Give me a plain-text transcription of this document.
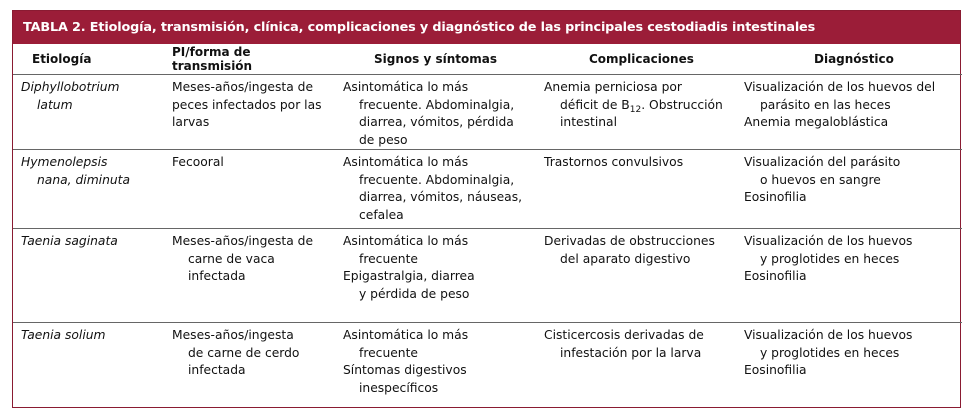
TABLA 2. Etiología, transmisión, clínica, complicaciones y diagnóstico de las principales cestodiadis intestinales
Etiología	PI/forma de transmisión	Signos y síntomas	Complicaciones	Diagnóstico

Diphyllobotrium
latum	Meses-años/ingesta de
peces infectados por las
larvas	Asintomática lo más
frecuente. Abdominalgia,
diarrea, vómitos, pérdida
de peso	Anemia perniciosa por
déficit de $B_{12}$. Obstrucción
intestinal	Visualización de los huevos del
parásito en las heces
Anemia megaloblástica

Hymenolepsis
nana, diminuta	Fecooral	Asintomática lo más
frecuente. Abdominalgia,
diarrea, vómitos, náuseas,
cefalea	Trastornos convulsivos	Visualización del parásito
o huevos en sangre
Eosinofilia

Taenia saginata	Meses-años/ingesta de
carne de vaca infectada	Asintomática lo más
frecuente
Epigastralgia, diarrea
y pérdida de peso	Derivadas de obstrucciones
del aparato digestivo	Visualización de los huevos
y proglotides en heces
Eosinofilia

Taenia solium	Meses-años/ingesta
de carne de cerdo
infectada	Asintomática lo más
frecuente
Síntomas digestivos
inespecíficos	Cisticercosis derivadas de
infestación por la larva	Visualización de los huevos
y proglotides en heces
Eosinofilia
